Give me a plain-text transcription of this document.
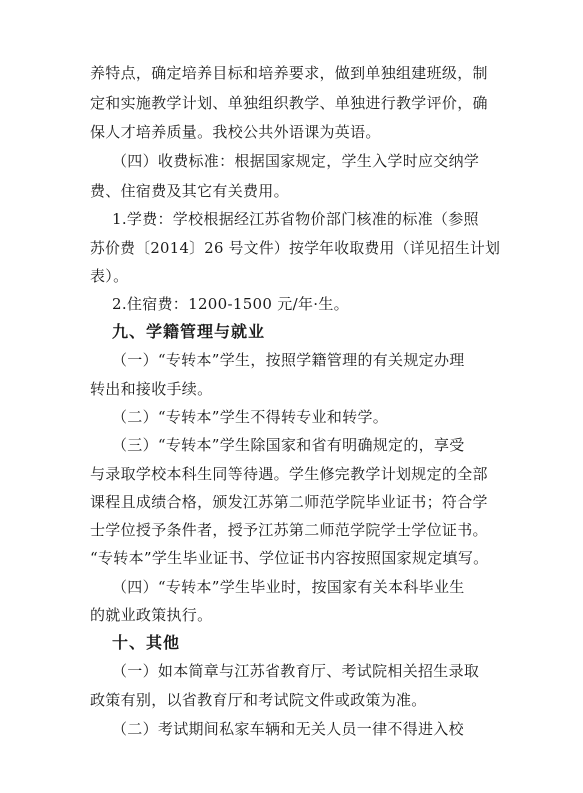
养特点，确定培养目标和培养要求，做到单独组建班级，制
定和实施教学计划、单独组织教学、单独进行教学评价，确
保人才培养质量。我校公共外语课为英语。
（四）收费标准：根据国家规定，学生入学时应交纳学
费、住宿费及其它有关费用。
1.学费：学校根据经江苏省物价部门核准的标准（参照
苏价费〔2014〕26 号文件）按学年收取费用（详见招生计划
表）。
2.住宿费：1200-1500 元/年·生。
九、学籍管理与就业
（一）“专转本”学生，按照学籍管理的有关规定办理
转出和接收手续。
（二）“专转本”学生不得转专业和转学。
（三）“专转本”学生除国家和省有明确规定的，享受
与录取学校本科生同等待遇。学生修完教学计划规定的全部
课程且成绩合格，颁发江苏第二师范学院毕业证书；符合学
士学位授予条件者，授予江苏第二师范学院学士学位证书。
“专转本”学生毕业证书、学位证书内容按照国家规定填写。
（四）“专转本”学生毕业时，按国家有关本科毕业生
的就业政策执行。
十、其他
（一）如本简章与江苏省教育厅、考试院相关招生录取
政策有别，以省教育厅和考试院文件或政策为准。
（二）考试期间私家车辆和无关人员一律不得进入校
